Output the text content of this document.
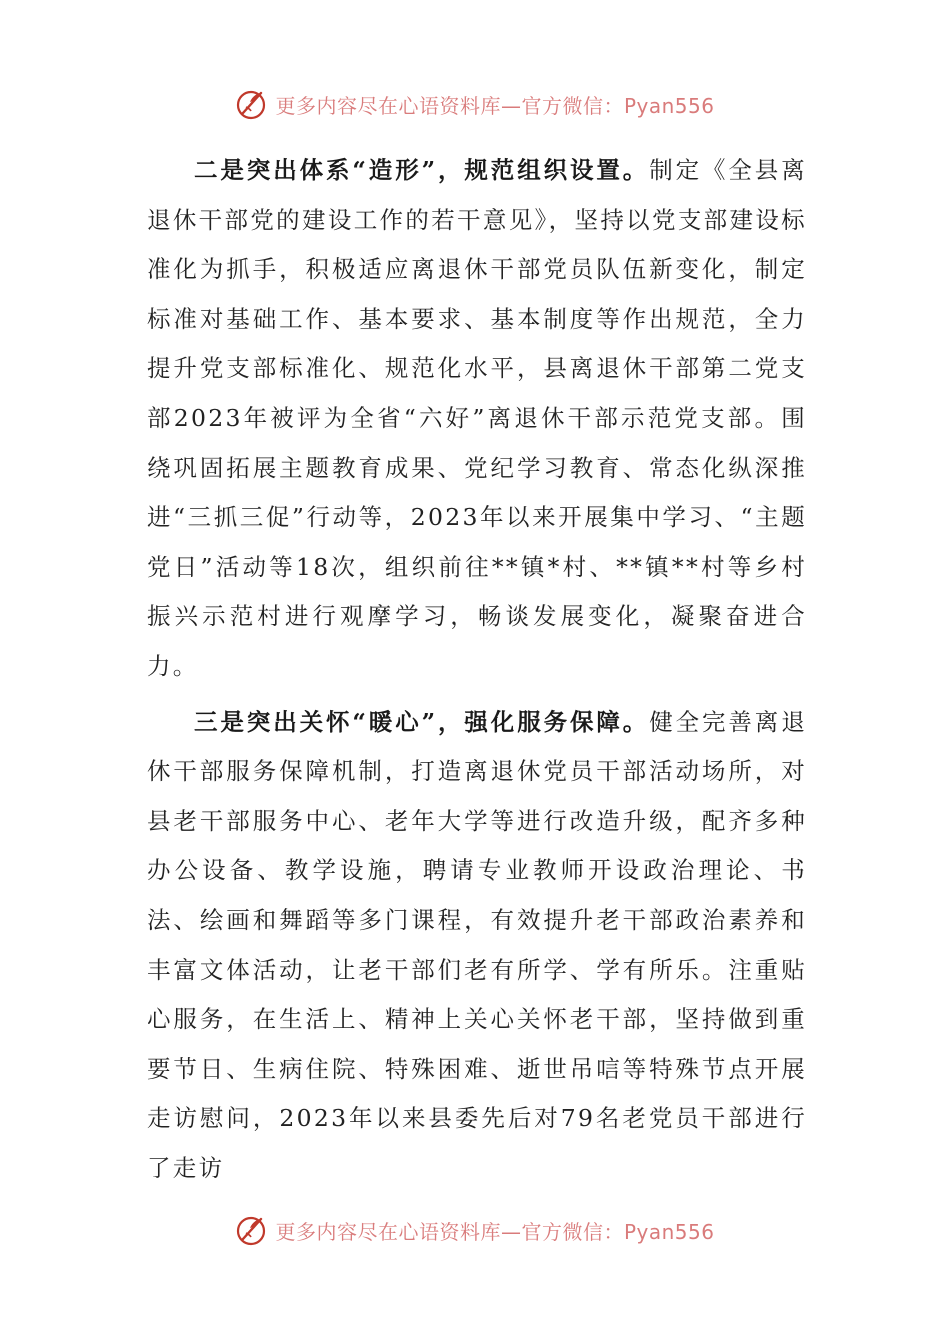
更多内容尽在心语资料库—官方微信：Pyan556

二是突出体系“造形”，规范组织设置。制定《全县离退休干部党的建设工作的若干意见》，坚持以党支部建设标准化为抓手，积极适应离退休干部党员队伍新变化，制定标准对基础工作、基本要求、基本制度等作出规范，全力提升党支部标准化、规范化水平，县离退休干部第二党支部2023年被评为全省“六好”离退休干部示范党支部。围绕巩固拓展主题教育成果、党纪学习教育、常态化纵深推进“三抓三促”行动等，2023年以来开展集中学习、“主题党日”活动等18次，组织前往**镇*村、**镇**村等乡村振兴示范村进行观摩学习，畅谈发展变化，凝聚奋进合力。

三是突出关怀“暖心”，强化服务保障。健全完善离退休干部服务保障机制，打造离退休党员干部活动场所，对县老干部服务中心、老年大学等进行改造升级，配齐多种办公设备、教学设施，聘请专业教师开设政治理论、书法、绘画和舞蹈等多门课程，有效提升老干部政治素养和丰富文体活动，让老干部们老有所学、学有所乐。注重贴心服务，在生活上、精神上关心关怀老干部，坚持做到重要节日、生病住院、特殊困难、逝世吊唁等特殊节点开展走访慰问，2023年以来县委先后对79名老党员干部进行了走访

更多内容尽在心语资料库—官方微信：Pyan556
